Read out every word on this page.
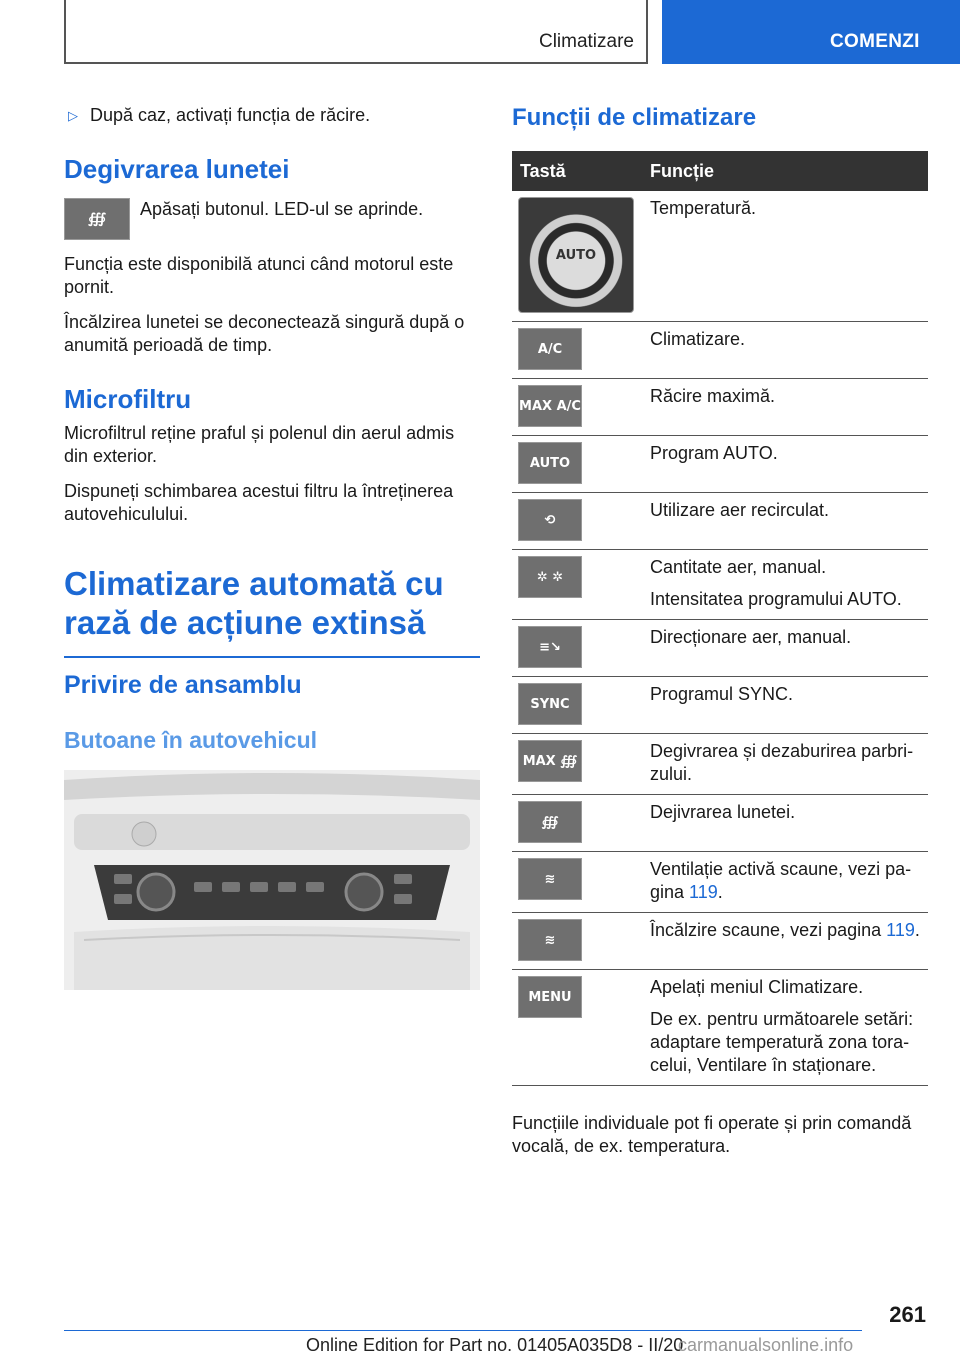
Climatizare	COMENZI
▷ După caz, activați funcția de răcire.

Degivrarea lunetei
∰	Apăsați butonul. LED-ul se aprinde.

Funcția este disponibilă atunci când motorul este pornit.

Încălzirea lunetei se deconectează singură după o anumită perioadă de timp.

Microfiltru

Microfiltrul reține praful și polenul din aerul admis din exterior.

Dispuneți schimbarea acestui filtru la întreținerea autovehiculului.

Climatizare automată cu rază de acțiune extinsă
Privire de ansamblu
Butoane în autovehicul
Funcții de climatizare
Tastă	Funcție

AUTO	Temperatură.

A/C	Climatizare.

MAX A/C	Răcire maximă.

AUTO	Program AUTO.

⟲	Utilizare aer recirculat.

✲ ✲	Cantitate aer, manual.

Intensitatea programului AUTO.

≡↘	Direcționare aer, manual.

SYNC	Programul SYNC.

MAX ∰	Degivrarea și dezaburirea parbrizului.

∰	Dejivrarea lunetei.

≋	Ventilație activă scaune, vezi pagina 119.

≋	Încălzire scaune, vezi pagina 119.

MENU	Apelați meniul Climatizare.

De ex. pentru următoarele setări: adaptare temperatură zona toracelui, Ventilare în staționare.

Funcțiile individuale pot fi operate și prin comandă vocală, de ex. temperatura.

261
Online Edition for Part no. 01405A035D8 - II/20
carmanualsonline.info
